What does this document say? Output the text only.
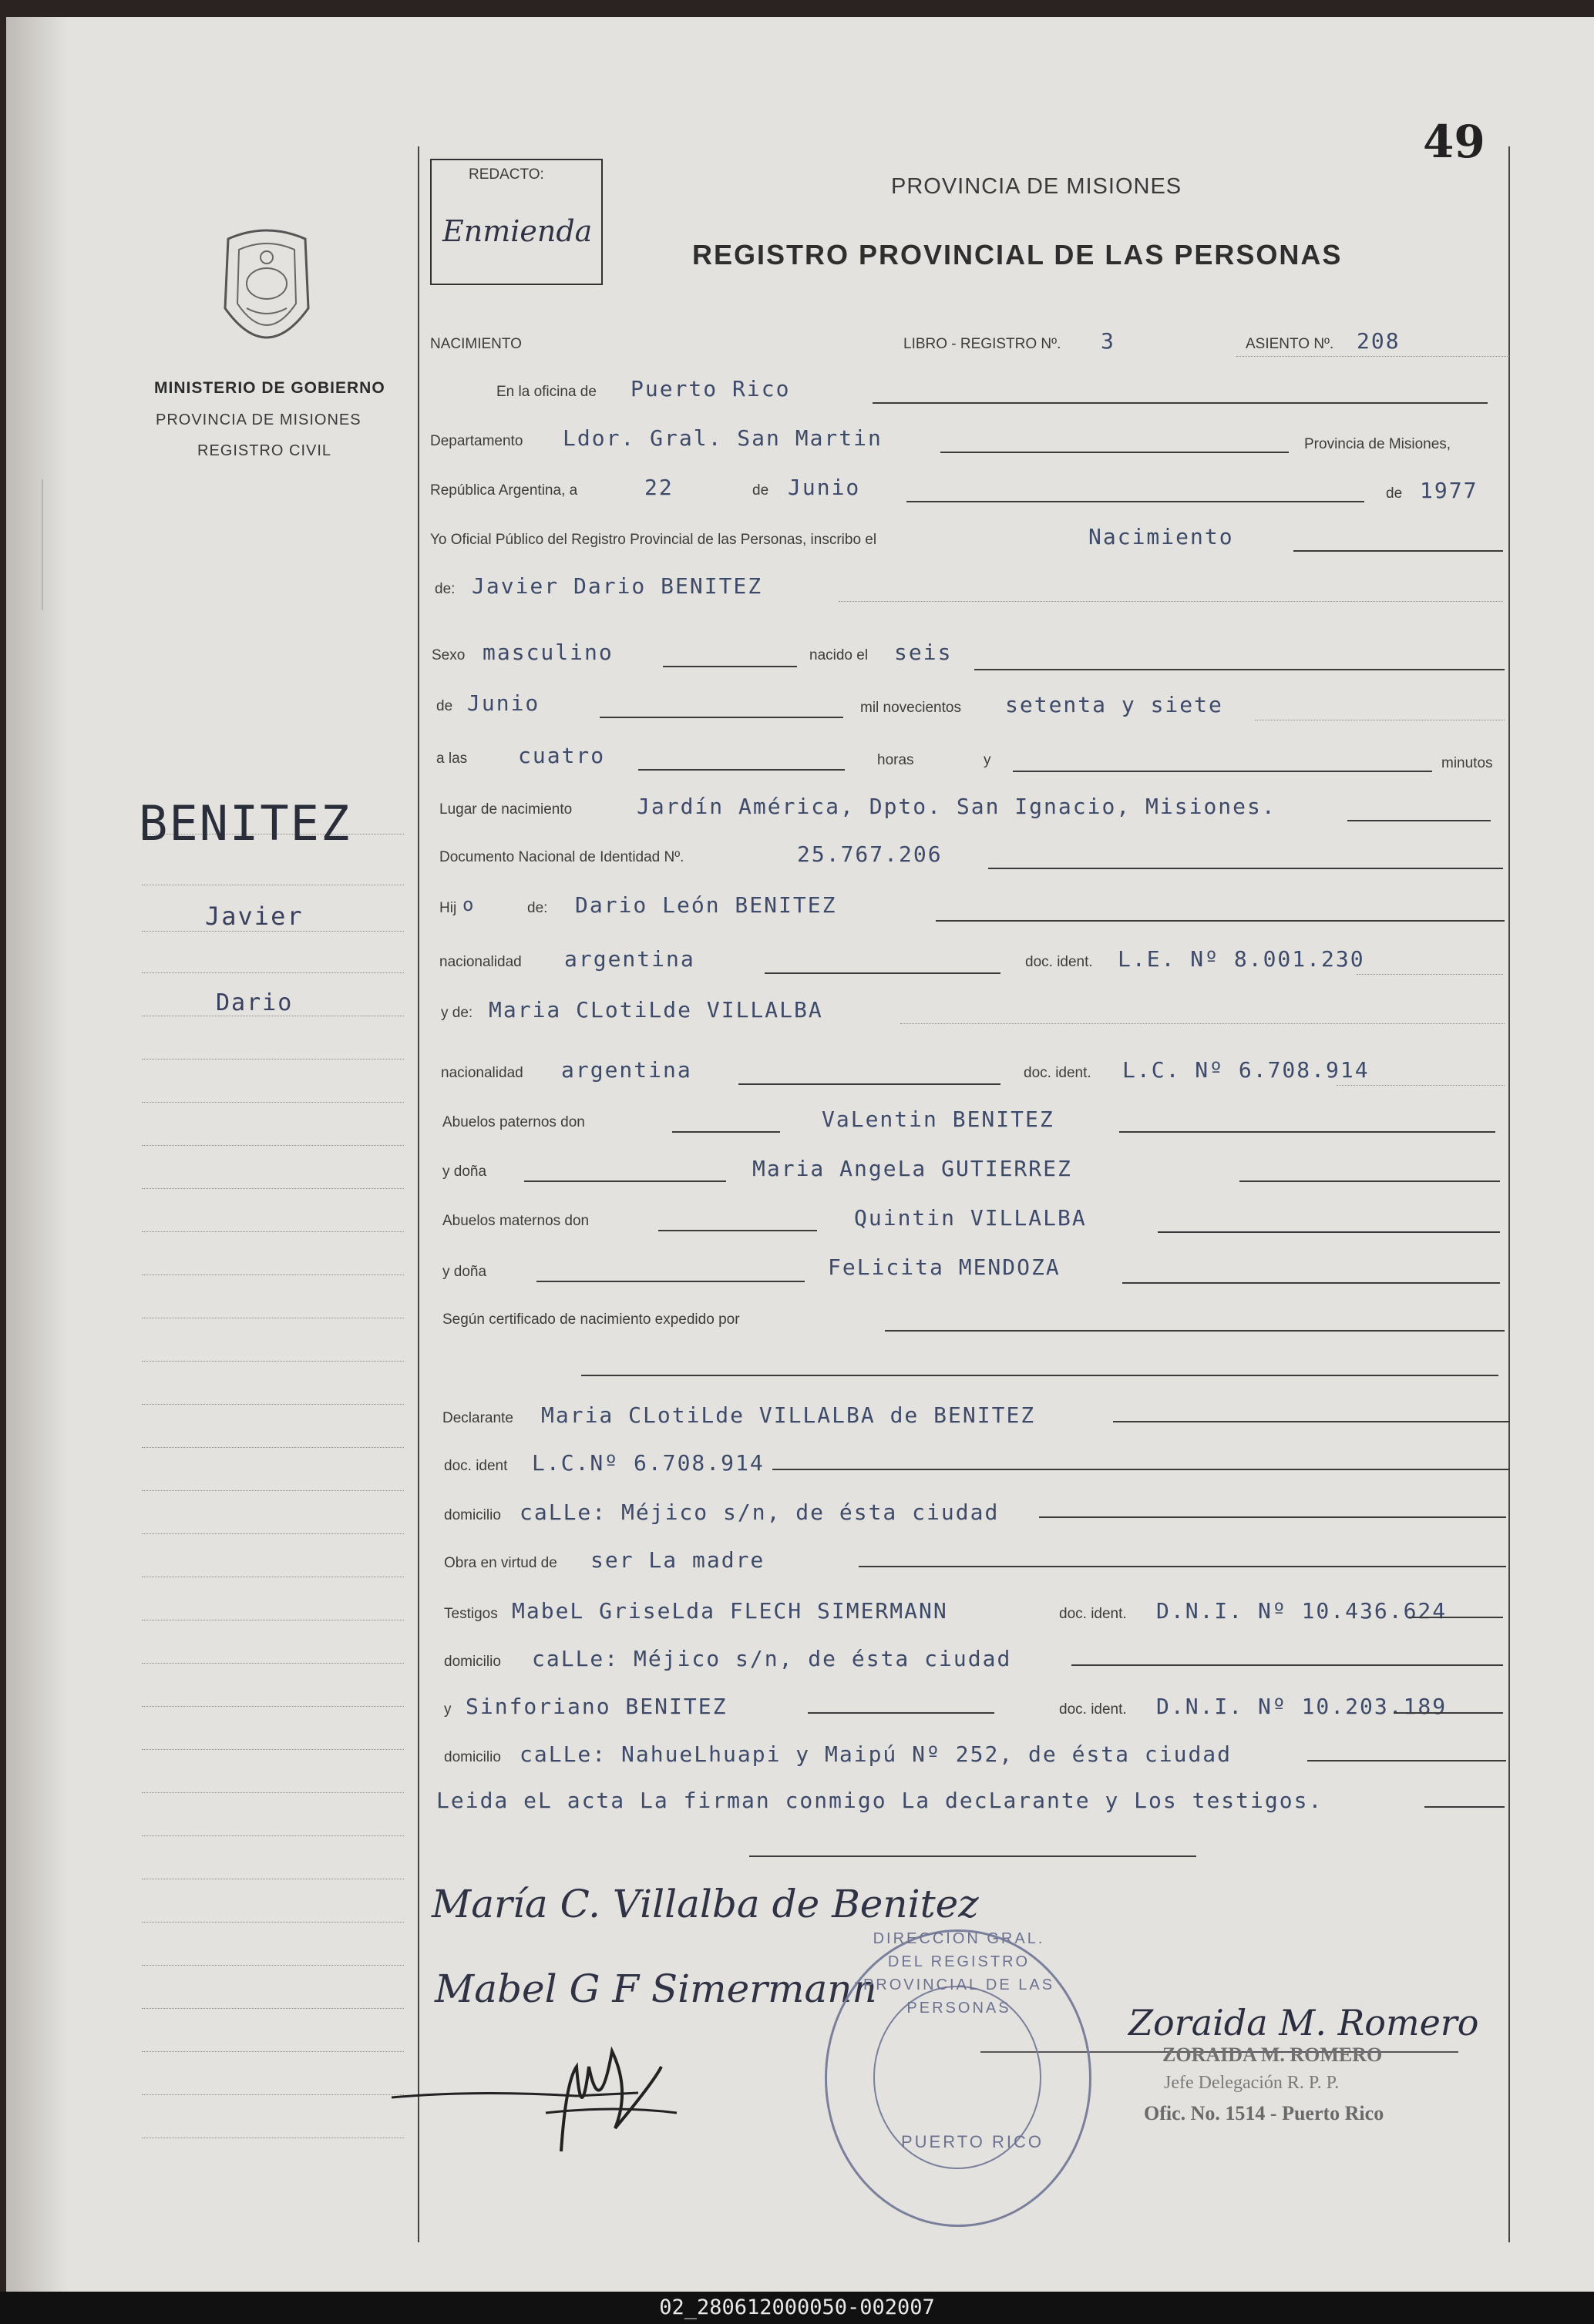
49
REDACTO:
Enmienda
PROVINCIA DE MISIONES
REGISTRO PROVINCIAL DE LAS PERSONAS
MINISTERIO DE GOBIERNO
PROVINCIA DE MISIONES
REGISTRO CIVIL
BENITEZ
Javier
Dario
NACIMIENTO	LIBRO - REGISTRO Nº. 3	ASIENTO Nº. 208
En la oficina de Puerto Rico
Departamento Ldor. Gral. San Martin	Provincia de Misiones,
República Argentina, a	22	de Junio	de 1977
Yo Oficial Público del Registro Provincial de las Personas, inscribo el	Nacimiento
de: Javier Dario BENITEZ
Sexo masculino	nacido el seis
de Junio	mil novecientos setenta y siete
a las cuatro	horas	y	minutos
Lugar de nacimiento	Jardín América, Dpto. San Ignacio, Misiones.
Documento Nacional de Identidad Nº.	25.767.206
Hij o	de: Dario León BENITEZ
nacionalidad argentina	doc. ident. L.E. Nº 8.001.230
y de: Maria CLotiLde VILLALBA
nacionalidad argentina	doc. ident. L.C. Nº 6.708.914
Abuelos paternos don	VaLentin BENITEZ
y doña	Maria AngeLa GUTIERREZ
Abuelos maternos don	Quintin VILLALBA
y doña	FeLicita MENDOZA
Según certificado de nacimiento expedido por
Declarante Maria CLotiLde VILLALBA de BENITEZ
doc. ident L.C.Nº 6.708.914
domicilio caLLe: Méjico s/n, de ésta ciudad
Obra en virtud de ser La madre
Testigos MabeL GriseLda FLECH SIMERMANN	doc. ident. D.N.I. Nº 10.436.624
domicilio caLLe: Méjico s/n, de ésta ciudad
y Sinforiano BENITEZ	doc. ident. D.N.I. Nº 10.203.189
domicilio caLLe: NahueLhuapi y Maipú Nº 252, de ésta ciudad
Leida eL acta La firman conmigo La decLarante y Los testigos.
María C. Villalba de Benitez
Mabel G F Simermann
Zoraida M. Romero
ZORAIDA M. ROMERO
Jefe Delegación R. P. P.
Ofic. No. 1514 - Puerto Rico
DIRECCION GRAL. DEL REGISTRO PROVINCIAL DE LAS PERSONAS
PUERTO RICO
02_280612000050-002007
